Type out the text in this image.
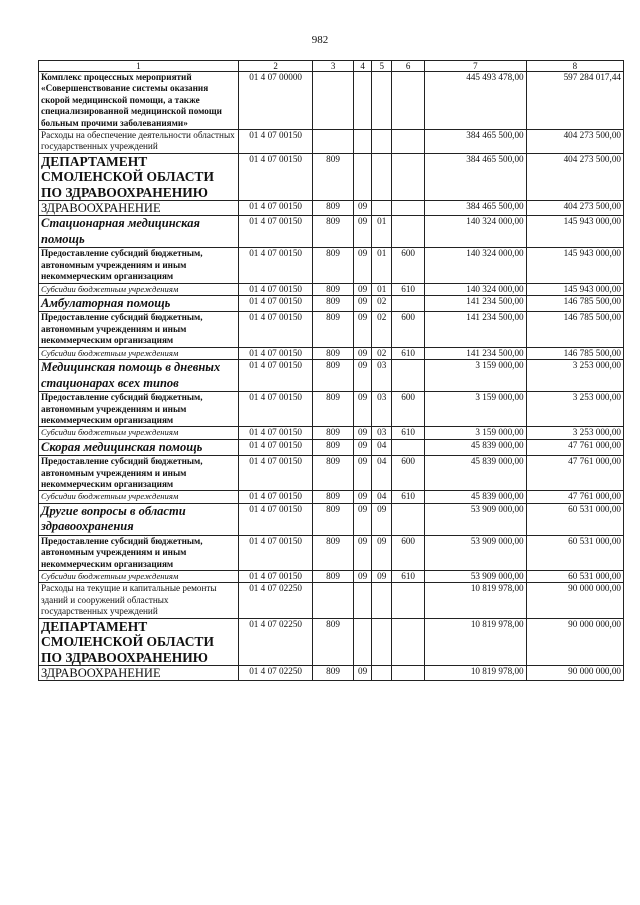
982
1	2	3	4	5	6	7	8
Комплекс процессных мероприятий «Совершенствование системы оказания скорой медицинской помощи, а также специализированной медицинской помощи больным прочими заболеваниями»	01 4 07 00000					445 493 478,00	597 284 017,44
Расходы на обеспечение деятельности областных государственных учреждений	01 4 07 00150					384 465 500,00	404 273 500,00
ДЕПАРТАМЕНТ СМОЛЕНСКОЙ ОБЛАСТИ ПО ЗДРАВООХРАНЕНИЮ	01 4 07 00150	809				384 465 500,00	404 273 500,00
ЗДРАВООХРАНЕНИЕ	01 4 07 00150	809	09			384 465 500,00	404 273 500,00
Стационарная медицинская помощь	01 4 07 00150	809	09	01		140 324 000,00	145 943 000,00
Предоставление субсидий бюджетным, автономным учреждениям и иным некоммерческим организациям	01 4 07 00150	809	09	01	600	140 324 000,00	145 943 000,00
Субсидии бюджетным учреждениям	01 4 07 00150	809	09	01	610	140 324 000,00	145 943 000,00
Амбулаторная помощь	01 4 07 00150	809	09	02		141 234 500,00	146 785 500,00
Предоставление субсидий бюджетным, автономным учреждениям и иным некоммерческим организациям	01 4 07 00150	809	09	02	600	141 234 500,00	146 785 500,00
Субсидии бюджетным учреждениям	01 4 07 00150	809	09	02	610	141 234 500,00	146 785 500,00
Медицинская помощь в дневных стационарах всех типов	01 4 07 00150	809	09	03		3 159 000,00	3 253 000,00
Предоставление субсидий бюджетным, автономным учреждениям и иным некоммерческим организациям	01 4 07 00150	809	09	03	600	3 159 000,00	3 253 000,00
Субсидии бюджетным учреждениям	01 4 07 00150	809	09	03	610	3 159 000,00	3 253 000,00
Скорая медицинская помощь	01 4 07 00150	809	09	04		45 839 000,00	47 761 000,00
Предоставление субсидий бюджетным, автономным учреждениям и иным некоммерческим организациям	01 4 07 00150	809	09	04	600	45 839 000,00	47 761 000,00
Субсидии бюджетным учреждениям	01 4 07 00150	809	09	04	610	45 839 000,00	47 761 000,00
Другие вопросы в области здравоохранения	01 4 07 00150	809	09	09		53 909 000,00	60 531 000,00
Предоставление субсидий бюджетным, автономным учреждениям и иным некоммерческим организациям	01 4 07 00150	809	09	09	600	53 909 000,00	60 531 000,00
Субсидии бюджетным учреждениям	01 4 07 00150	809	09	09	610	53 909 000,00	60 531 000,00
Расходы на текущие и капитальные ремонты зданий и сооружений областных государственных учреждений	01 4 07 02250					10 819 978,00	90 000 000,00
ДЕПАРТАМЕНТ СМОЛЕНСКОЙ ОБЛАСТИ ПО ЗДРАВООХРАНЕНИЮ	01 4 07 02250	809				10 819 978,00	90 000 000,00
ЗДРАВООХРАНЕНИЕ	01 4 07 02250	809	09			10 819 978,00	90 000 000,00
